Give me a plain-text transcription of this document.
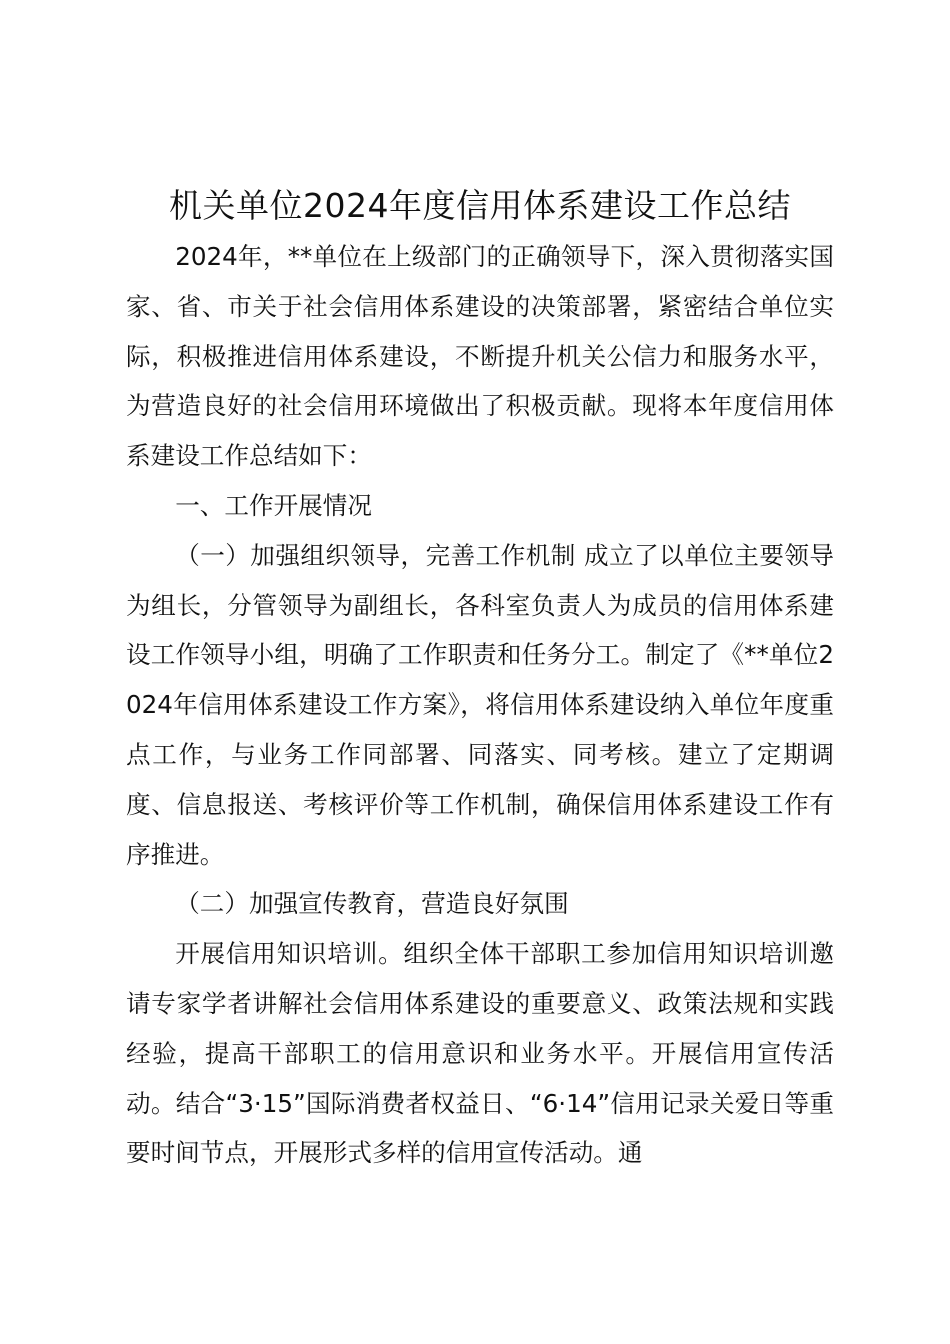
机关单位2024年度信用体系建设工作总结

2024年，**单位在上级部门的正确领导下，深入贯彻落实国家、省、市关于社会信用体系建设的决策部署，紧密结合单位实际，积极推进信用体系建设，不断提升机关公信力和服务水平，为营造良好的社会信用环境做出了积极贡献。现将本年度信用体系建设工作总结如下：

一、工作开展情况

（一）加强组织领导，完善工作机制 成立了以单位主要领导为组长，分管领导为副组长，各科室负责人为成员的信用体系建设工作领导小组，明确了工作职责和任务分工。制定了《**单位2024年信用体系建设工作方案》，将信用体系建设纳入单位年度重点工作，与业务工作同部署、同落实、同考核。建立了定期调度、信息报送、考核评价等工作机制，确保信用体系建设工作有序推进。

（二）加强宣传教育，营造良好氛围

开展信用知识培训。组织全体干部职工参加信用知识培训邀请专家学者讲解社会信用体系建设的重要意义、政策法规和实践经验，提高干部职工的信用意识和业务水平。开展信用宣传活动。结合“3·15”国际消费者权益日、“6·14”信用记录关爱日等重要时间节点，开展形式多样的信用宣传活动。通
